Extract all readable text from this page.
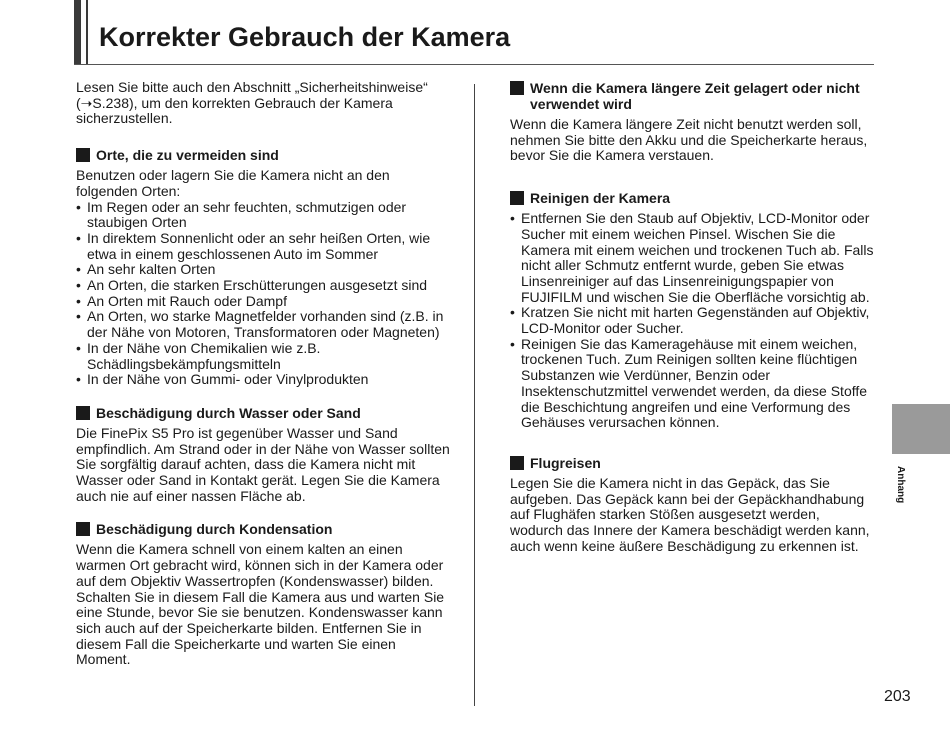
Korrekter Gebrauch der Kamera

Lesen Sie bitte auch den Abschnitt „Sicherheitshinweise“ (➝S.238), um den korrekten Gebrauch der Kamera sicherzustellen.

Orte, die zu vermeiden sind

Benutzen oder lagern Sie die Kamera nicht an den folgenden Orten:

• Im Regen oder an sehr feuchten, schmutzigen oder staubigen Orten
• In direktem Sonnenlicht oder an sehr heißen Orten, wie etwa in einem geschlossenen Auto im Sommer
• An sehr kalten Orten
• An Orten, die starken Erschütterungen ausgesetzt sind
• An Orten mit Rauch oder Dampf
• An Orten, wo starke Magnetfelder vorhanden sind (z.B. in der Nähe von Motoren, Transformatoren oder Magneten)
• In der Nähe von Chemikalien wie z.B. Schädlingsbekämpfungsmitteln
• In der Nähe von Gummi- oder Vinylprodukten
Beschädigung durch Wasser oder Sand

Die FinePix S5 Pro ist gegenüber Wasser und Sand empfindlich. Am Strand oder in der Nähe von Wasser sollten Sie sorgfältig darauf achten, dass die Kamera nicht mit Wasser oder Sand in Kontakt gerät. Legen Sie die Kamera auch nie auf einer nassen Fläche ab.

Beschädigung durch Kondensation

Wenn die Kamera schnell von einem kalten an einen warmen Ort gebracht wird, können sich in der Kamera oder auf dem Objektiv Wassertropfen (Kondenswasser) bilden. Schalten Sie in diesem Fall die Kamera aus und warten Sie eine Stunde, bevor Sie sie benutzen. Kondenswasser kann sich auch auf der Speicherkarte bilden. Entfernen Sie in diesem Fall die Speicherkarte und warten Sie einen Moment.

Wenn die Kamera längere Zeit gelagert oder nicht verwendet wird

Wenn die Kamera längere Zeit nicht benutzt werden soll, nehmen Sie bitte den Akku und die Speicherkarte heraus, bevor Sie die Kamera verstauen.

Reinigen der Kamera
• Entfernen Sie den Staub auf Objektiv, LCD-Monitor oder Sucher mit einem weichen Pinsel. Wischen Sie die Kamera mit einem weichen und trockenen Tuch ab. Falls nicht aller Schmutz entfernt wurde, geben Sie etwas Linsenreiniger auf das Linsenreinigungspapier von FUJIFILM und wischen Sie die Oberfläche vorsichtig ab.
• Kratzen Sie nicht mit harten Gegenständen auf Objektiv, LCD-Monitor oder Sucher.
• Reinigen Sie das Kameragehäuse mit einem weichen, trockenen Tuch. Zum Reinigen sollten keine flüchtigen Substanzen wie Verdünner, Benzin oder Insektenschutzmittel verwendet werden, da diese Stoffe die Beschichtung angreifen und eine Verformung des Gehäuses verursachen können.
Flugreisen

Legen Sie die Kamera nicht in das Gepäck, das Sie aufgeben. Das Gepäck kann bei der Gepäckhandhabung auf Flughäfen starken Stößen ausgesetzt werden, wodurch das Innere der Kamera beschädigt werden kann, auch wenn keine äußere Beschädigung zu erkennen ist.

Anhang
203
